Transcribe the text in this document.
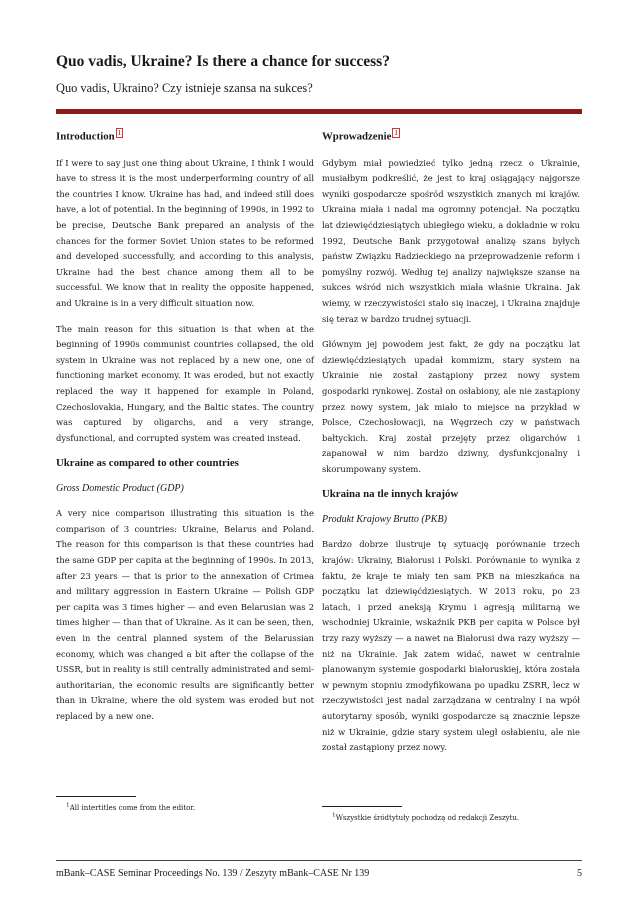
Quo vadis, Ukraine? Is there a chance for success?

Quo vadis, Ukraino? Czy istnieje szansa na sukces?

Introduction 1

If I were to say just one thing about Ukraine, I think I would have to stress it is the most underperforming country of all the countries I know. Ukraine has had, and indeed still does have, a lot of potential. In the beginning of 1990s, in 1992 to be precise, Deutsche Bank prepared an analysis of the chances for the former Soviet Union states to be reformed and developed successfully, and according to this analysis, Ukraine had the best chance among them all to be successful. We know that in reality the opposite happened, and Ukraine is in a very difficult situation now.

The main reason for this situation is that when at the beginning of 1990s communist countries collapsed, the old system in Ukraine was not replaced by a new one, one of functioning market economy. It was eroded, but not exactly replaced the way it happened for example in Poland, Czechoslovakia, Hungary, and the Baltic states. The country was captured by oligarchs, and a very strange, dysfunctional, and corrupted system was created instead.

Ukraine as compared to other countries
Gross Domestic Product (GDP)

A very nice comparison illustrating this situation is the comparison of 3 countries: Ukraine, Belarus and Poland. The reason for this comparison is that these countries had the same GDP per capita at the beginning of 1990s. In 2013, after 23 years — that is prior to the annexation of Crimea and military aggression in Eastern Ukraine — Polish GDP per capita was 3 times higher — and even Belarusian was 2 times higher — than that of Ukraine. As it can be seen, then, even in the central planned system of the Belarussian economy, which was changed a bit after the collapse of the USSR, but in reality is still centrally administrated and semi-authoritarian, the economic results are significantly better than in Ukraine, where the old system was eroded but not replaced by a new one.

$^1$All intertitles come from the editor.
Wprowadzenie 1

Gdybym miał powiedzieć tylko jedną rzecz o Ukrainie, musiałbym podkreślić, że jest to kraj osiągający najgorsze wyniki gospodarcze spośród wszystkich znanych mi krajów. Ukraina miała i nadal ma ogromny potencjał. Na początku lat dziewięćdziesiątych ubiegłego wieku, a dokładnie w roku 1992, Deutsche Bank przygotował analizę szans byłych państw Związku Radzieckiego na przeprowadzenie reform i pomyślny rozwój. Według tej analizy największe szanse na sukces wśród nich wszystkich miała właśnie Ukraina. Jak wiemy, w rzeczywistości stało się inaczej, i Ukraina znajduje się teraz w bardzo trudnej sytuacji.

Głównym jej powodem jest fakt, że gdy na początku lat dziewięćdziesiątych upadał kommizm, stary system na Ukrainie nie został zastąpiony przez nowy system gospodarki rynkowej. Został on osłabiony, ale nie zastąpiony przez nowy system, jak miało to miejsce na przykład w Polsce, Czechosłowacji, na Węgrzech czy w państwach bałtyckich. Kraj został przejęty przez oligarchów i zapanował w nim bardzo dziwny, dysfunkcjonalny i skorumpowany system.

Ukraina na tle innych krajów
Produkt Krajowy Brutto (PKB)

Bardzo dobrze ilustruje tę sytuację porównanie trzech krajów: Ukrainy, Białorusi i Polski. Porównanie to wynika z faktu, że kraje te miały ten sam PKB na mieszkańca na początku lat dziewięćdziesiątych. W 2013 roku, po 23 latach, i przed aneksją Krymu i agresją militarną we wschodniej Ukrainie, wskaźnik PKB per capita w Polsce był trzy razy wyższy — a nawet na Białorusi dwa razy wyższy — niż na Ukrainie. Jak zatem widać, nawet w centralnie planowanym systemie gospodarki białoruskiej, która została w pewnym stopniu zmodyfikowana po upadku ZSRR, lecz w rzeczywistości jest nadal zarządzana w centralny i na wpół autorytarny sposób, wyniki gospodarcze są znacznie lepsze niż w Ukrainie, gdzie stary system uległ osłabieniu, ale nie został zastąpiony przez nowy.

$^1$Wszystkie śródtytuły pochodzą od redakcji Zeszytu.
mBank–CASE Seminar Proceedings No. 139 / Zeszyty mBank–CASE Nr 139	5
